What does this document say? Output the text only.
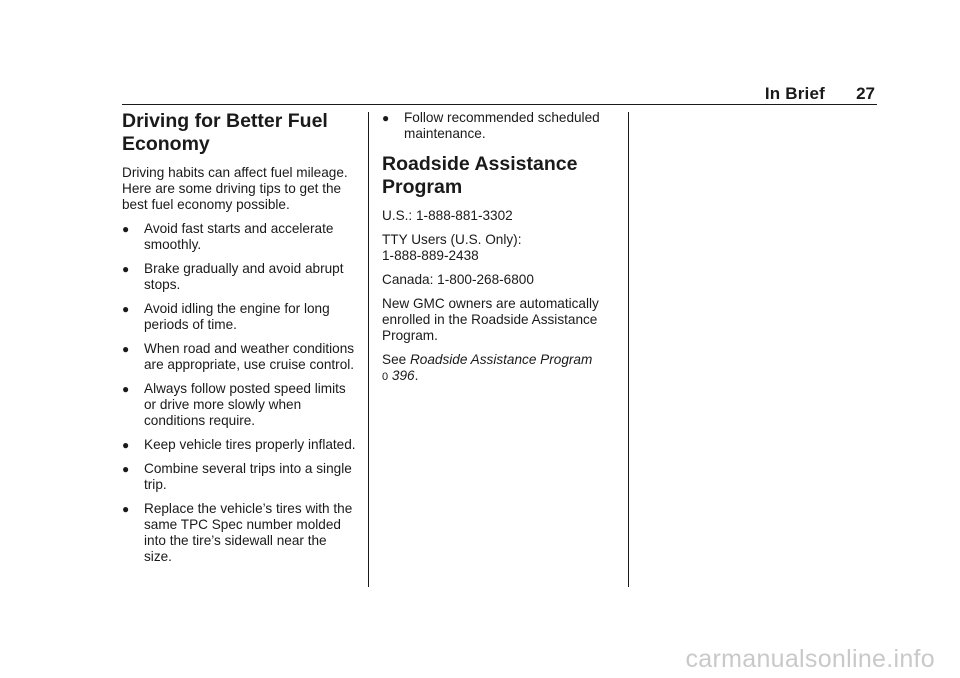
In Brief 27
Driving for Better Fuel Economy

Driving habits can affect fuel mileage. Here are some driving tips to get the best fuel economy possible.

● Avoid fast starts and accelerate smoothly.
● Brake gradually and avoid abrupt stops.
● Avoid idling the engine for long periods of time.
● When road and weather conditions are appropriate, use cruise control.
● Always follow posted speed limits or drive more slowly when conditions require.
● Keep vehicle tires properly inflated.
● Combine several trips into a single trip.
● Replace the vehicle’s tires with the same TPC Spec number molded into the tire’s sidewall near the size.
● Follow recommended scheduled maintenance.
Roadside Assistance Program

U.S.: 1-888-881-3302

TTY Users (U.S. Only):
1-888-889-2438

Canada: 1-800-268-6800

New GMC owners are automatically enrolled in the Roadside Assistance Program.

See Roadside Assistance Program
0 396.

carmanualsonline.info
